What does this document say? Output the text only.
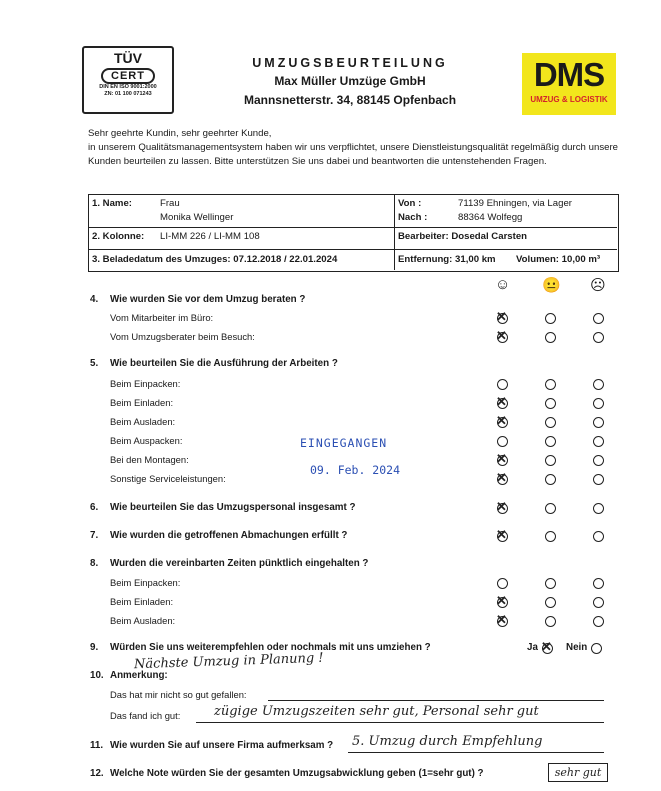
TÜV
CERT
DIN EN ISO 9001:2000
ZN: 01 100 071243
UMZUGSBEURTEILUNG
Max Müller Umzüge GmbH
Mannsnetterstr. 34, 88145 Opfenbach
DMS
UMZUG & LOGISTIK
Sehr geehrte Kundin, sehr geehrter Kunde,
in unserem Qualitätsmanagementsystem haben wir uns verpflichtet, unsere Dienstleistungsqualität regelmäßig durch unsere Kunden beurteilen zu lassen. Bitte unterstützen Sie uns dabei und beantworten die untenstehenden Fragen.
1. Name:	Frau
Monika Wellinger
2. Kolonne: LI-MM 226 / LI-MM 108
3. Beladedatum des Umzuges: 07.12.2018 / 22.01.2024
Von :	71139 Ehningen, via Lager
Nach :	88364 Wolfegg
Bearbeiter: Dosedal Carsten
Entfernung: 31,00 km Volumen: 10,00 m³
☺ 😐 ☹
4. Wie wurden Sie vor dem Umzug beraten ?
Vom Mitarbeiter im Büro:
Vom Umzugsberater beim Besuch:
5. Wie beurteilen Sie die Ausführung der Arbeiten ?
Beim Einpacken:
Beim Einladen:
Beim Ausladen:
Beim Auspacken:
Bei den Montagen:
Sonstige Serviceleistungen:
6. Wie beurteilen Sie das Umzugspersonal insgesamt ?
7. Wie wurden die getroffenen Abmachungen erfüllt ?
8. Wurden die vereinbarten Zeiten pünktlich eingehalten ?
Beim Einpacken:
Beim Einladen:
Beim Ausladen:
✕
✕
✕
✕
✕
✕
✕
✕
✕
✕
9. Würden Sie uns weiterempfehlen oder nochmals mit uns umziehen ?	Ja
✕	Nein
Nächste Umzug in Planung !
10. Anmerkung:
Das hat mir nicht so gut gefallen:
Das fand ich gut:	zügige Umzugszeiten sehr gut, Personal sehr gut
11. Wie wurden Sie auf unsere Firma aufmerksam ? 5. Umzug durch Empfehlung
12. Welche Note würden Sie der gesamten Umzugsabwicklung geben (1=sehr gut) ?	sehr gut
EINGEGANGEN
09. Feb. 2024
